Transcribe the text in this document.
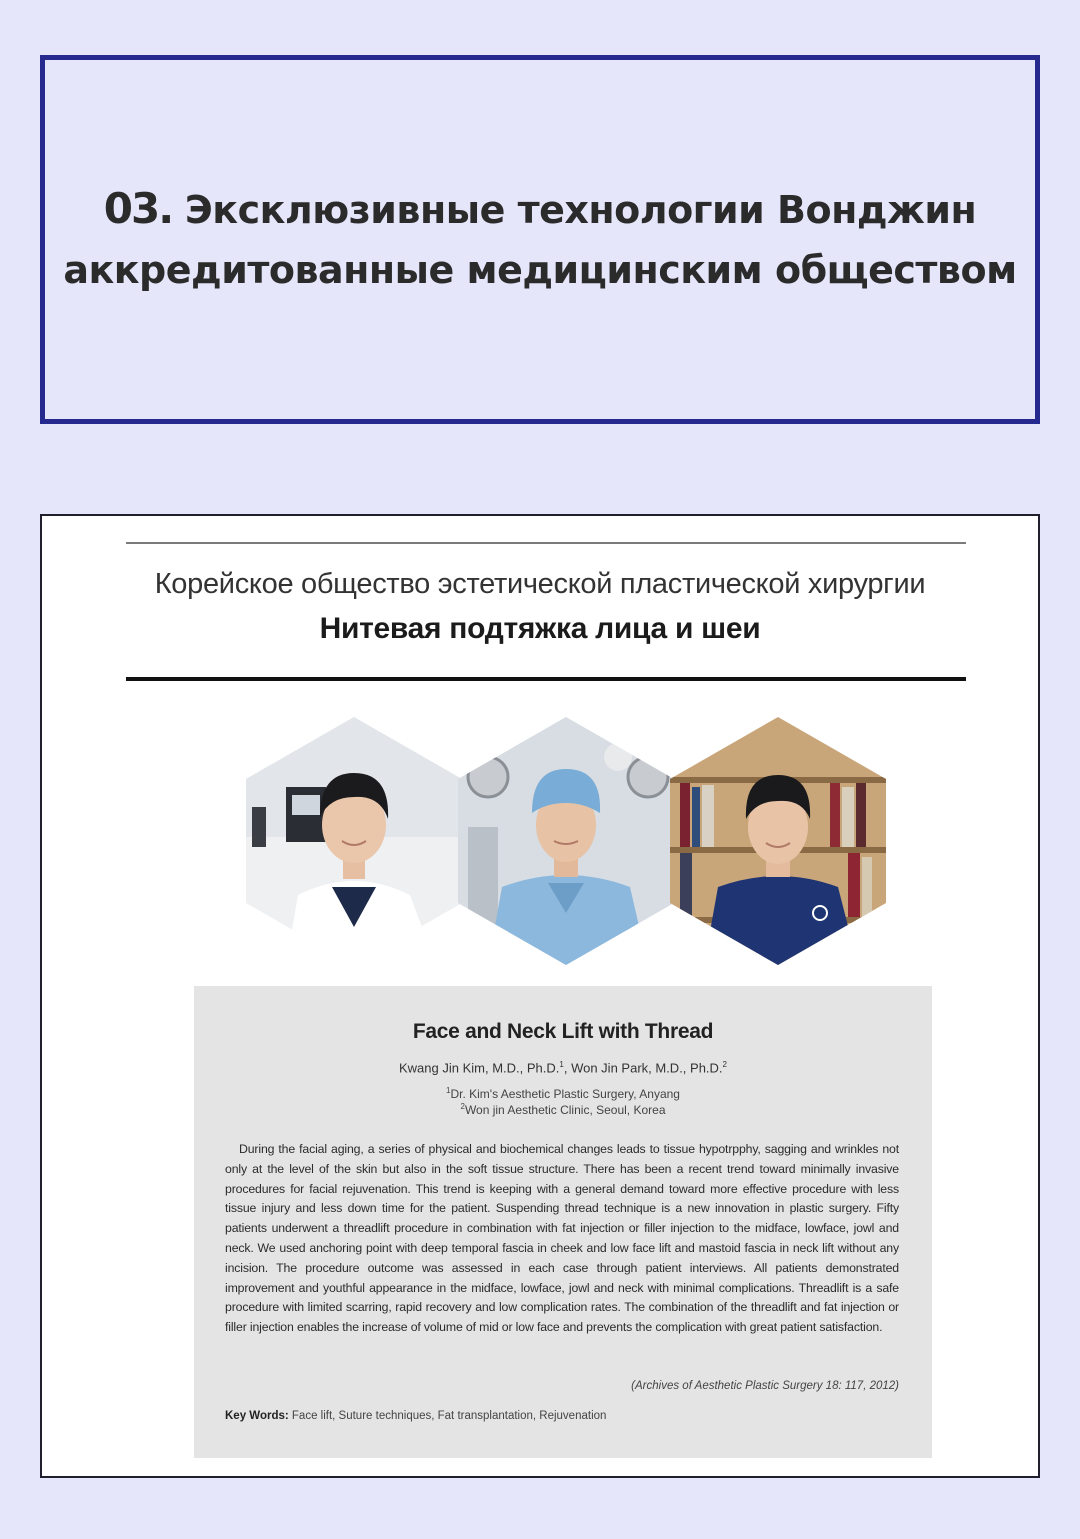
03. Эксклюзивные технологии Вонджин
аккредитованные медицинским обществом
Корейское общество эстетической пластической хирургии
Нитевая подтяжка лица и шеи
Face and Neck Lift with Thread
Kwang Jin Kim, M.D., Ph.D.$^1$, Won Jin Park, M.D., Ph.D.$^2$
$^1$Dr. Kim's Aesthetic Plastic Surgery, Anyang
$^2$Won jin Aesthetic Clinic, Seoul, Korea

During the facial aging, a series of physical and biochemical changes leads to tissue hypotrpphy, sagging and wrinkles not only at the level of the skin but also in the soft tissue structure. There has been a recent trend toward minimally invasive procedures for facial rejuvenation. This trend is keeping with a general demand toward more effective procedure with less tissue injury and less down time for the patient. Suspending thread technique is a new innovation in plastic surgery. Fifty patients underwent a threadlift procedure in combination with fat injection or filler injection to the midface, lowface, jowl and neck. We used anchoring point with deep temporal fascia in cheek and low face lift and mastoid fascia in neck lift without any incision. The procedure outcome was assessed in each case through patient interviews. All patients demonstrated improvement and youthful appearance in the midface, lowface, jowl and neck with minimal complications. Threadlift is a safe procedure with limited scarring, rapid recovery and low complication rates. The combination of the threadlift and fat injection or filler injection enables the increase of volume of mid or low face and prevents the complication with great patient satisfaction.

(Archives of Aesthetic Plastic Surgery 18: 117, 2012)
Key Words: Face lift, Suture techniques, Fat transplantation, Rejuvenation
